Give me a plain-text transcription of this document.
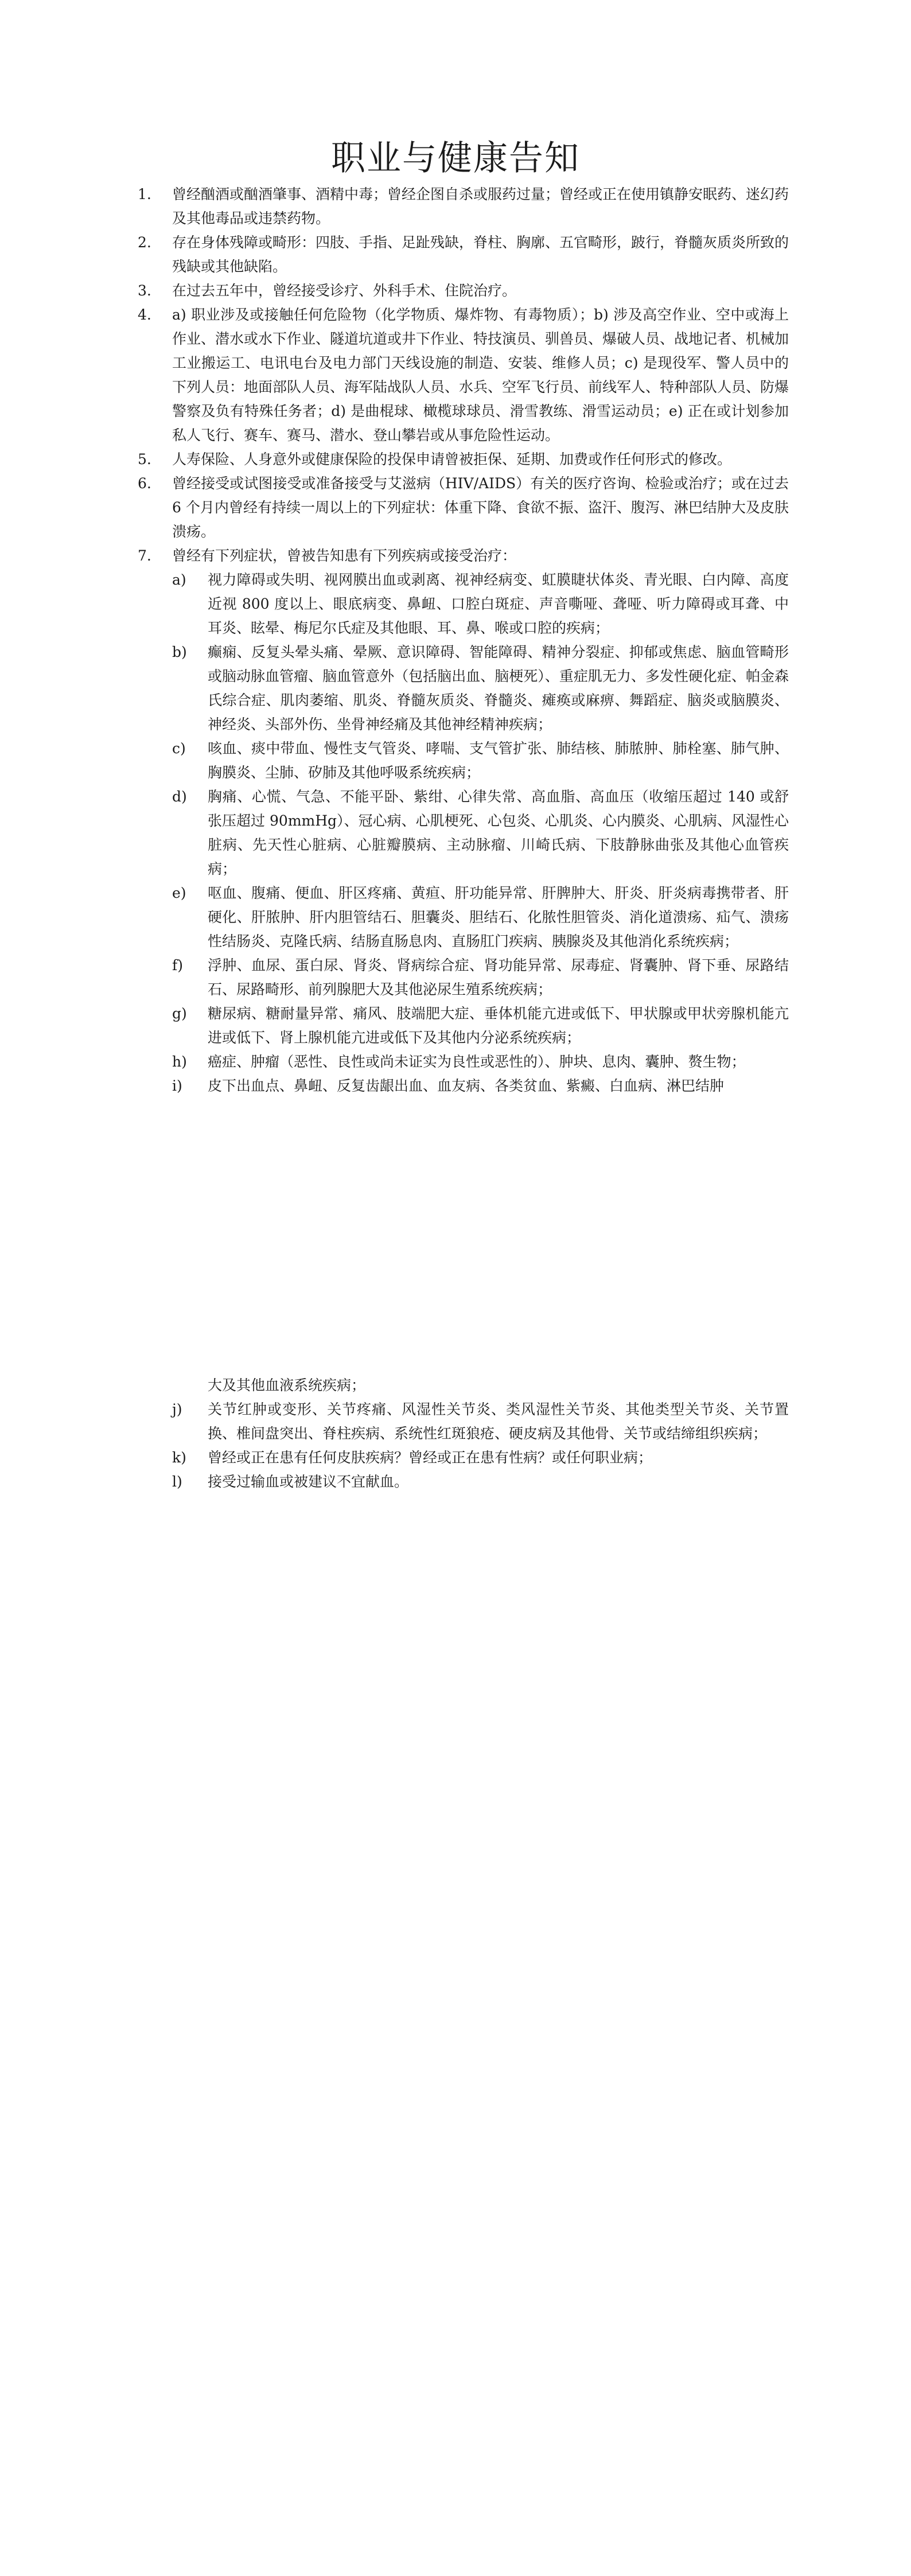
职业与健康告知
1.	曾经酗酒或酗酒肇事、酒精中毒；曾经企图自杀或服药过量；曾经或正在使用镇静安眠药、迷幻药及其他毒品或违禁药物。
2.	存在身体残障或畸形：四肢、手指、足趾残缺，脊柱、胸廓、五官畸形，跛行，脊髓灰质炎所致的残缺或其他缺陷。
3.	在过去五年中，曾经接受诊疗、外科手术、住院治疗。
4.	a) 职业涉及或接触任何危险物（化学物质、爆炸物、有毒物质）；b) 涉及高空作业、空中或海上作业、潜水或水下作业、隧道坑道或井下作业、特技演员、驯兽员、爆破人员、战地记者、机械加工业搬运工、电讯电台及电力部门天线设施的制造、安装、维修人员；c) 是现役军、警人员中的下列人员：地面部队人员、海军陆战队人员、水兵、空军飞行员、前线军人、特种部队人员、防爆警察及负有特殊任务者；d) 是曲棍球、橄榄球球员、滑雪教练、滑雪运动员；e) 正在或计划参加私人飞行、赛车、赛马、潜水、登山攀岩或从事危险性运动。
5.	人寿保险、人身意外或健康保险的投保申请曾被拒保、延期、加费或作任何形式的修改。
6.	曾经接受或试图接受或准备接受与艾滋病（HIV/AIDS）有关的医疗咨询、检验或治疗；或在过去 6 个月内曾经有持续一周以上的下列症状：体重下降、食欲不振、盗汗、腹泻、淋巴结肿大及皮肤溃疡。
7.	曾经有下列症状，曾被告知患有下列疾病或接受治疗：
a)	视力障碍或失明、视网膜出血或剥离、视神经病变、虹膜睫状体炎、青光眼、白内障、高度近视 800 度以上、眼底病变、鼻衄、口腔白斑症、声音嘶哑、聋哑、听力障碍或耳聋、中耳炎、眩晕、梅尼尔氏症及其他眼、耳、鼻、喉或口腔的疾病；
b)	癫痫、反复头晕头痛、晕厥、意识障碍、智能障碍、精神分裂症、抑郁或焦虑、脑血管畸形或脑动脉血管瘤、脑血管意外（包括脑出血、脑梗死）、重症肌无力、多发性硬化症、帕金森氏综合症、肌肉萎缩、肌炎、脊髓灰质炎、脊髓炎、瘫痪或麻痹、舞蹈症、脑炎或脑膜炎、神经炎、头部外伤、坐骨神经痛及其他神经精神疾病；
c)	咳血、痰中带血、慢性支气管炎、哮喘、支气管扩张、肺结核、肺脓肿、肺栓塞、肺气肿、胸膜炎、尘肺、矽肺及其他呼吸系统疾病；
d)	胸痛、心慌、气急、不能平卧、紫绀、心律失常、高血脂、高血压（收缩压超过 140 或舒张压超过 90mmHg）、冠心病、心肌梗死、心包炎、心肌炎、心内膜炎、心肌病、风湿性心脏病、先天性心脏病、心脏瓣膜病、主动脉瘤、川崎氏病、下肢静脉曲张及其他心血管疾病；
e)	呕血、腹痛、便血、肝区疼痛、黄疸、肝功能异常、肝脾肿大、肝炎、肝炎病毒携带者、肝硬化、肝脓肿、肝内胆管结石、胆囊炎、胆结石、化脓性胆管炎、消化道溃疡、疝气、溃疡性结肠炎、克隆氏病、结肠直肠息肉、直肠肛门疾病、胰腺炎及其他消化系统疾病；
f)	浮肿、血尿、蛋白尿、肾炎、肾病综合症、肾功能异常、尿毒症、肾囊肿、肾下垂、尿路结石、尿路畸形、前列腺肥大及其他泌尿生殖系统疾病；
g)	糖尿病、糖耐量异常、痛风、肢端肥大症、垂体机能亢进或低下、甲状腺或甲状旁腺机能亢进或低下、肾上腺机能亢进或低下及其他内分泌系统疾病；
h)	癌症、肿瘤（恶性、良性或尚未证实为良性或恶性的）、肿块、息肉、囊肿、赘生物；
i)	皮下出血点、鼻衄、反复齿龈出血、血友病、各类贫血、紫癜、白血病、淋巴结肿
大及其他血液系统疾病；
j)	关节红肿或变形、关节疼痛、风湿性关节炎、类风湿性关节炎、其他类型关节炎、关节置换、椎间盘突出、脊柱疾病、系统性红斑狼疮、硬皮病及其他骨、关节或结缔组织疾病；
k)	曾经或正在患有任何皮肤疾病？曾经或正在患有性病？或任何职业病；
l)	接受过输血或被建议不宜献血。
